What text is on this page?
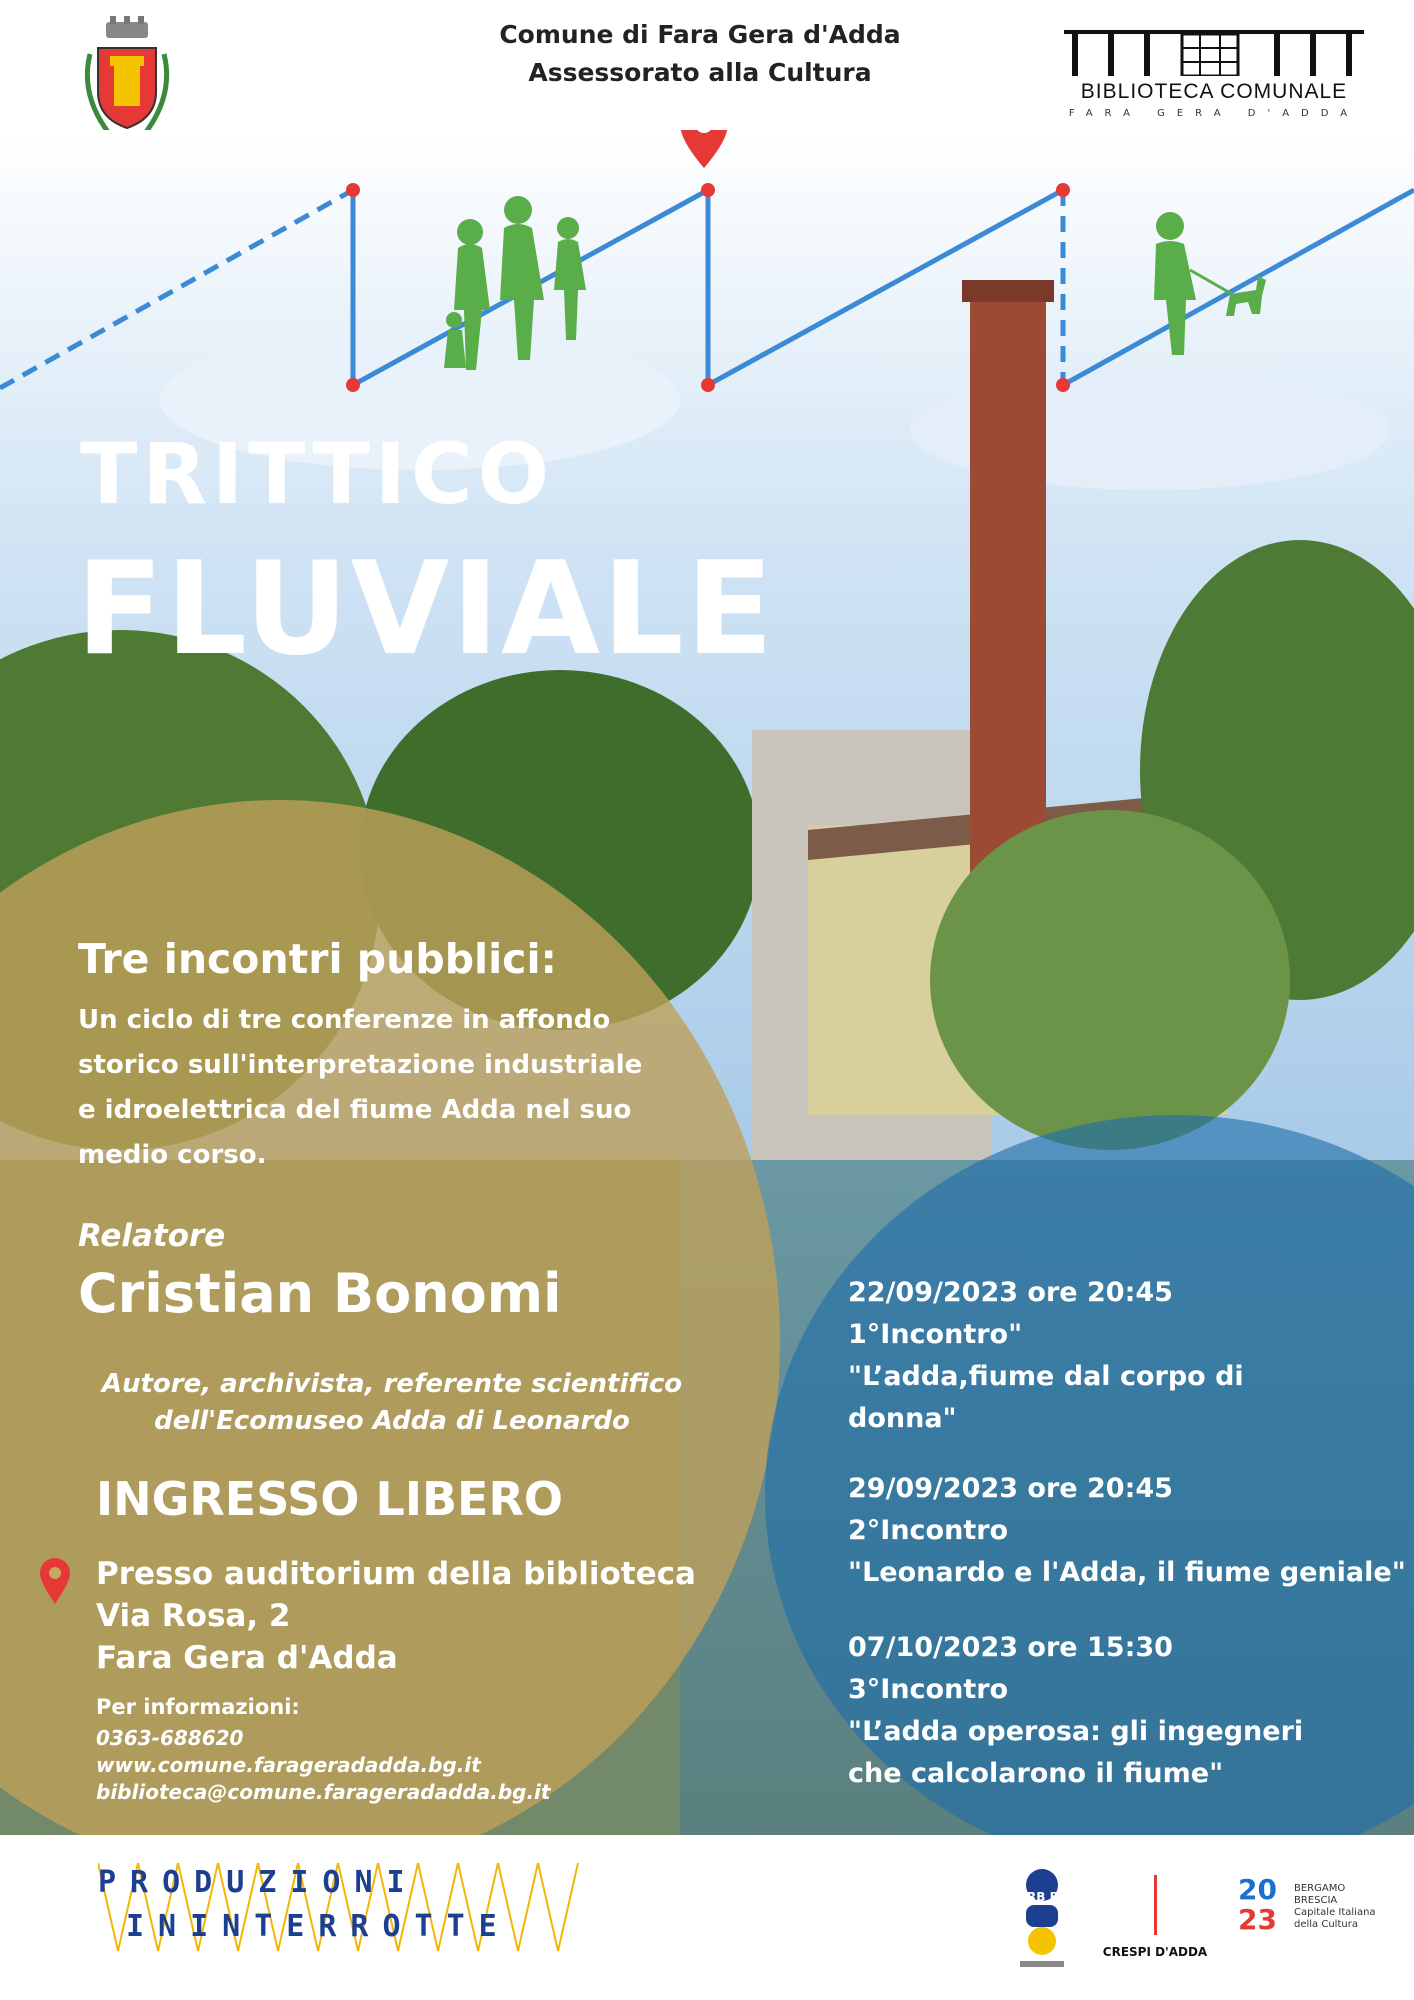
Comune di Fara Gera d'Adda
Assessorato alla Cultura
BIBLIOTECA COMUNALE
FARA GERA D'ADDA
TRITTICO
FLUVIALE
Tre incontri pubblici:
Un ciclo di tre conferenze in affondo
storico sull'interpretazione industriale
e idroelettrica del fiume Adda nel suo
medio corso.
Relatore
Cristian Bonomi
Autore, archivista, referente scientifico
dell'Ecomuseo Adda di Leonardo
INGRESSO LIBERO
Presso auditorium della biblioteca
Via Rosa, 2
Fara Gera d'Adda
Per informazioni:
0363-688620
www.comune.farageradadda.bg.it
biblioteca@comune.farageradadda.bg.it
22/09/2023 ore 20:45
1°Incontro"
"L’adda,fiume dal corpo di
donna"
29/09/2023 ore 20:45
2°Incontro
"Leonardo e l'Adda, il fiume geniale"
07/10/2023 ore 15:30
3°Incontro
"L’adda operosa: gli ingegneri
che calcolarono il fiume"
PRODUZIONI
ININTERROTTE
RB BG
CRESPI D'ADDA
20
23
BERGAMO
BRESCIA
Capitale Italiana
della Cultura
